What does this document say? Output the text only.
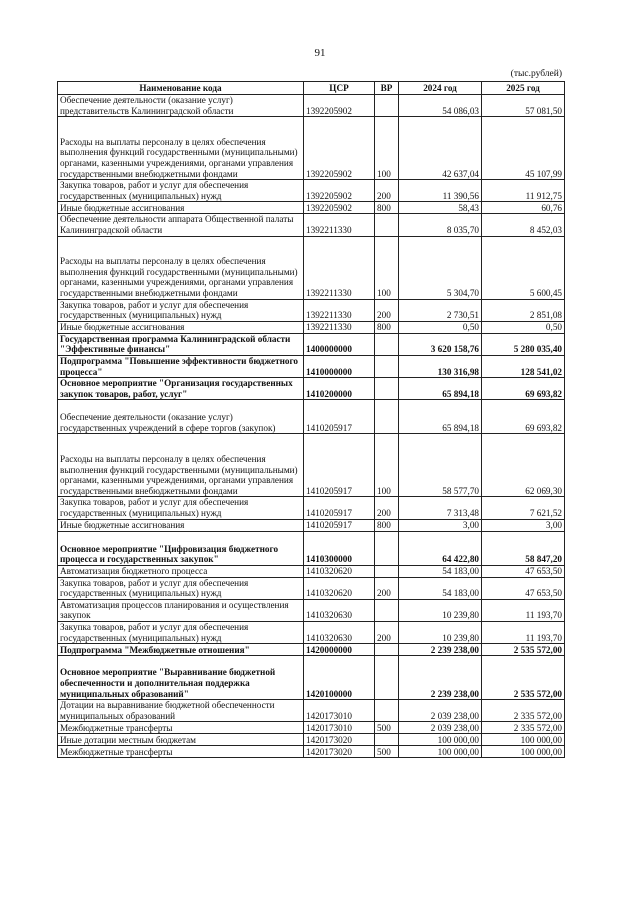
91
(тыс.рублей)
Наименование кода	ЦСР	ВР	2024 год	2025 год
Обеспечение деятельности (оказание услуг) представительств Калининградской области	1392205902		54 086,03	57 081,50
Расходы на выплаты персоналу в целях обеспечения выполнения функций государственными (муниципальными) органами, казенными учреждениями, органами управления государственными внебюджетными фондами	1392205902	100	42 637,04	45 107,99
Закупка товаров, работ и услуг для обеспечения государственных (муниципальных) нужд	1392205902	200	11 390,56	11 912,75
Иные бюджетные ассигнования	1392205902	800	58,43	60,76
Обеспечение деятельности аппарата Общественной палаты Калининградской области	1392211330		8 035,70	8 452,03
Расходы на выплаты персоналу в целях обеспечения выполнения функций государственными (муниципальными) органами, казенными учреждениями, органами управления государственными внебюджетными фондами	1392211330	100	5 304,70	5 600,45
Закупка товаров, работ и услуг для обеспечения государственных (муниципальных) нужд	1392211330	200	2 730,51	2 851,08
Иные бюджетные ассигнования	1392211330	800	0,50	0,50
Государственная программа Калининградской области "Эффективные финансы"	1400000000		3 620 158,76	5 280 035,40
Подпрограмма "Повышение эффективности бюджетного процесса"	1410000000		130 316,98	128 541,02
Основное мероприятие "Организация государственных закупок товаров, работ, услуг"	1410200000		65 894,18	69 693,82
Обеспечение деятельности (оказание услуг) государственных учреждений в сфере торгов (закупок)	1410205917		65 894,18	69 693,82
Расходы на выплаты персоналу в целях обеспечения выполнения функций государственными (муниципальными) органами, казенными учреждениями, органами управления государственными внебюджетными фондами	1410205917	100	58 577,70	62 069,30
Закупка товаров, работ и услуг для обеспечения государственных (муниципальных) нужд	1410205917	200	7 313,48	7 621,52
Иные бюджетные ассигнования	1410205917	800	3,00	3,00
Основное мероприятие "Цифровизация бюджетного процесса и государственных закупок"	1410300000		64 422,80	58 847,20
Автоматизация бюджетного процесса	1410320620		54 183,00	47 653,50
Закупка товаров, работ и услуг для обеспечения государственных (муниципальных) нужд	1410320620	200	54 183,00	47 653,50
Автоматизация процессов планирования и осуществления закупок	1410320630		10 239,80	11 193,70
Закупка товаров, работ и услуг для обеспечения государственных (муниципальных) нужд	1410320630	200	10 239,80	11 193,70
Подпрограмма "Межбюджетные отношения"	1420000000		2 239 238,00	2 535 572,00
Основное мероприятие "Выравнивание бюджетной обеспеченности и дополнительная поддержка муниципальных образований"	1420100000		2 239 238,00	2 535 572,00
Дотации на выравнивание бюджетной обеспеченности муниципальных образований	1420173010		2 039 238,00	2 335 572,00
Межбюджетные трансферты	1420173010	500	2 039 238,00	2 335 572,00
Иные дотации местным бюджетам	1420173020		100 000,00	100 000,00
Межбюджетные трансферты	1420173020	500	100 000,00	100 000,00
